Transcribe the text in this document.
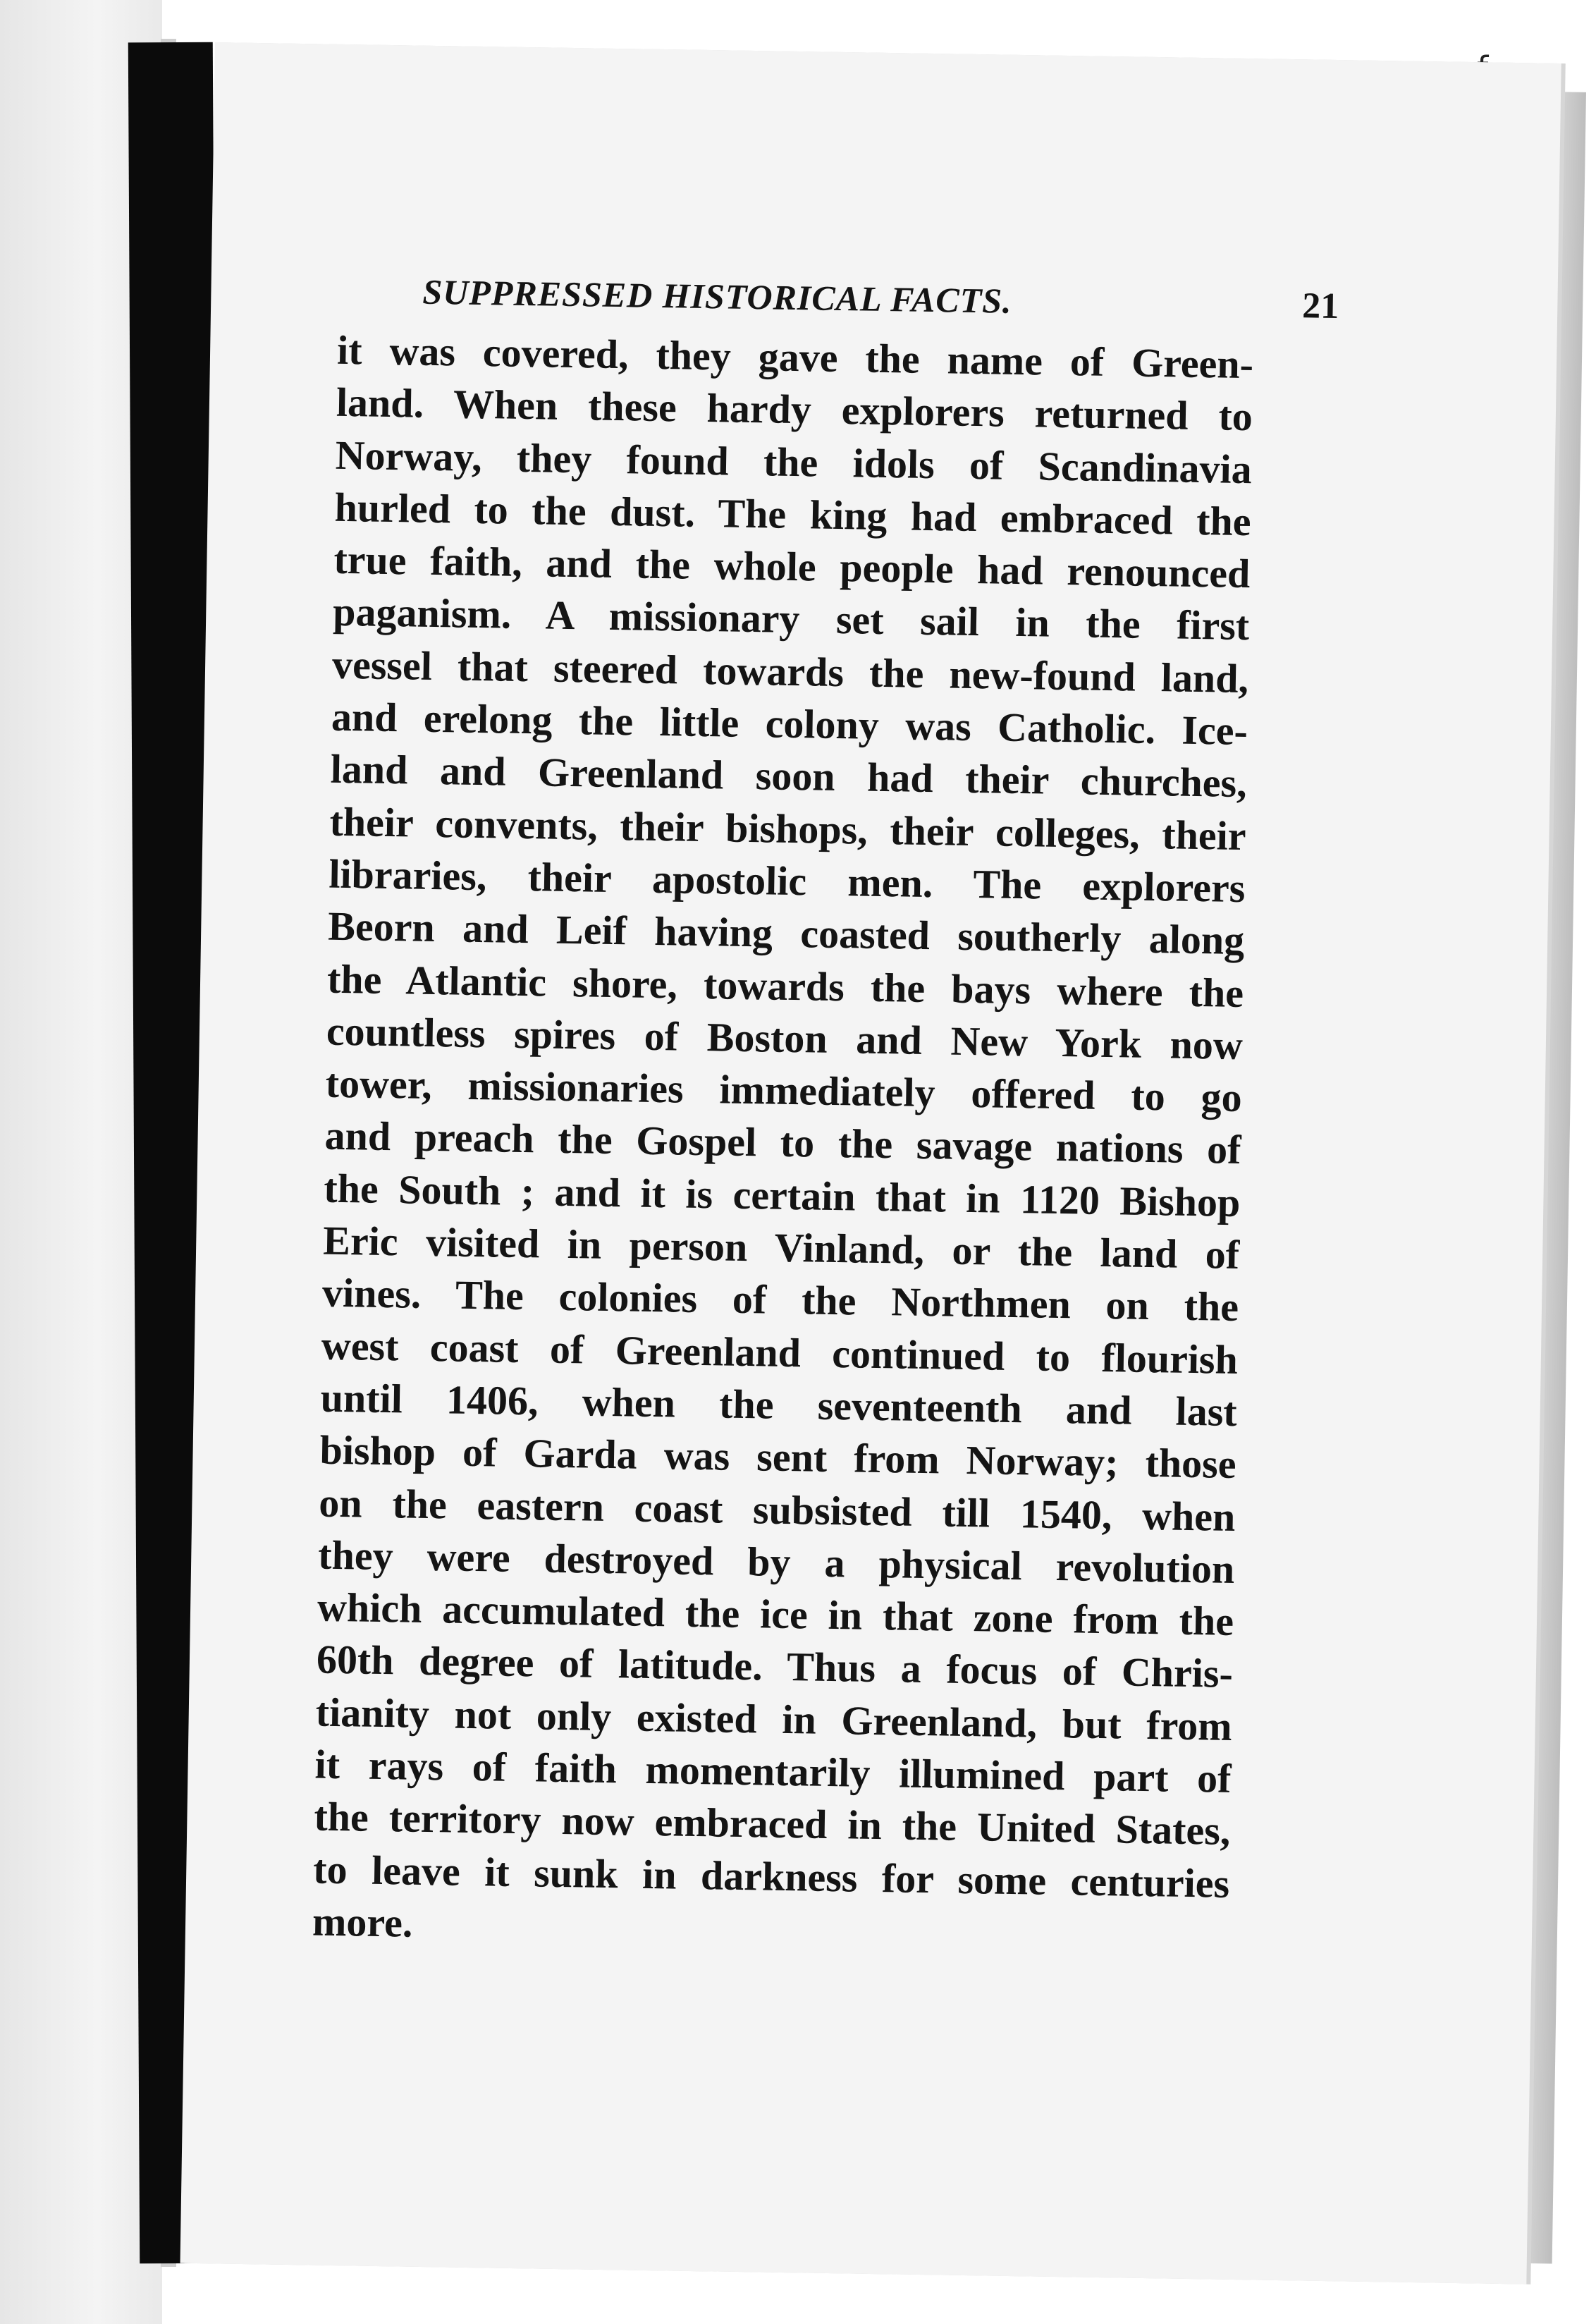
SUPPRESSED HISTORICAL FACTS.	21
it was covered, they gave the name of Green-
land. When these hardy explorers returned to
Norway, they found the idols of Scandinavia
hurled to the dust. The king had embraced the
true faith, and the whole people had renounced
paganism. A missionary set sail in the first
vessel that steered towards the new-found land,
and erelong the little colony was Catholic. Ice-
land and Greenland soon had their churches,
their convents, their bishops, their colleges, their
libraries, their apostolic men. The explorers
Beorn and Leif having coasted southerly along
the Atlantic shore, towards the bays where the
countless spires of Boston and New York now
tower, missionaries immediately offered to go
and preach the Gospel to the savage nations of
the South ; and it is certain that in 1120 Bishop
Eric visited in person Vinland, or the land of
vines. The colonies of the Northmen on the
west coast of Greenland continued to flourish
until 1406, when the seventeenth and last
bishop of Garda was sent from Norway; those
on the eastern coast subsisted till 1540, when
they were destroyed by a physical revolution
which accumulated the ice in that zone from the
60th degree of latitude. Thus a focus of Chris-
tianity not only existed in Greenland, but from
it rays of faith momentarily illumined part of
the territory now embraced in the United States,
to leave it sunk in darkness for some centuries
more.
